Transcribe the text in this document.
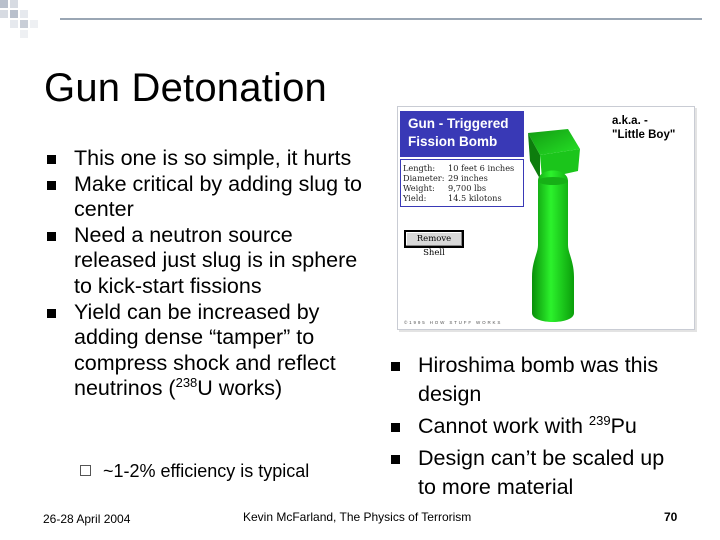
Gun Detonation
This one is so simple, it hurts
Make critical by adding slug to
center
Need a neutron source
released just slug is in sphere
to kick-start fissions
Yield can be increased by
adding dense “tamper” to
compress shock and reflect
neutrinos ($^{238}$U works)
~1-2% efficiency is typical
Gun - Triggered
Fission Bomb
a.k.a. -
"Little Boy"
Length:	10 feet 6 inches
Diameter: 29 inches
Weight:	9,700 lbs
Yield:	14.5 kilotons
Remove Shell
© 1 9 9 5   H O W   S T U F F   W O R K S
Hiroshima bomb was this
design
Cannot work with $^{239}$Pu
Design can’t be scaled up
to more material
26-28 April 2004	Kevin McFarland, The Physics of Terrorism	70
